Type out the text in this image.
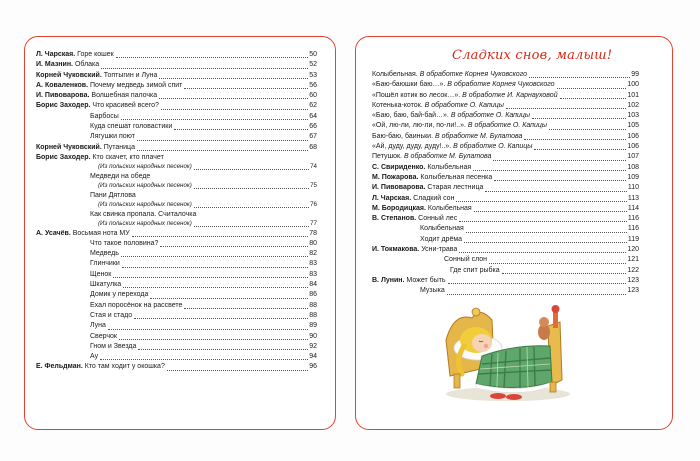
Сладких снов, малыш!
Л. Чарская. Горе кошек	50
И. Мазнин. Облака	52
Корней Чуковский. Топтыгин и Луна	53
А. Коваленков. Почему медведь зимой спит	56
И. Пивоварова. Волшебная палочка	60
Борис Заходер. Что красивей всего?	62
Барбосы	64
Куда спешат головастики	66
Лягушки поют	67
Корней Чуковский. Путаница	68
Борис Заходер. Кто скачет, кто плачет
(Из польских народных песенок)	74
Медведи на обеде
(Из польских народных песенок)	75
Пани Дятлова
(Из польских народных песенок)	76
Как свинка пропала. Считалочка
(Из польских народных песенок)	77
А. Усачёв. Восьмая нота МУ	78
Что такое половина?	80
Медведь	82
Глинчики	83
Щенок	83
Шкатулка	84
Домик у перехода	86
Ехал поросёнок на рассвете	88
Стая и стадо	88
Луна	89
Сверчок	90
Гном и Звезда	92
Ау	94
Е. Фельдман. Кто там ходит у окошка?	96
Колыбельная. В обработке Корнея Чуковского	99
«Баю-баюшки баю…». В обработке Корнея Чуковского	100
«Пошёл котик во лесок…». В обработке И. Карнауховой	101
Котенька-коток. В обработке О. Капицы	102
«Баю, баю, бай-бай…». В обработке О. Капицы	103
«Ой, лю-ли, лю-ли, по-ли!..». В обработке О. Капицы	105
Баю-баю, баиньки. В обработке М. Булатова	106
«Ай, дуду, дуду, дуду!..». В обработке О. Капицы	106
Петушок. В обработке М. Булатова	107
С. Свириденко. Колыбельная	108
М. Пожарова. Колыбельная песенка	109
И. Пивоварова. Старая лестница	110
Л. Чарская. Сладкий сон	113
М. Бородицкая. Колыбельная	114
В. Степанов. Сонный лес	116
Колыбельная	116
Ходит дрёма	119
И. Токмакова. Усни-трава	120
Сонный слон	121
Где спит рыбка	122
В. Лунин. Может быть	123
Музыка	123
